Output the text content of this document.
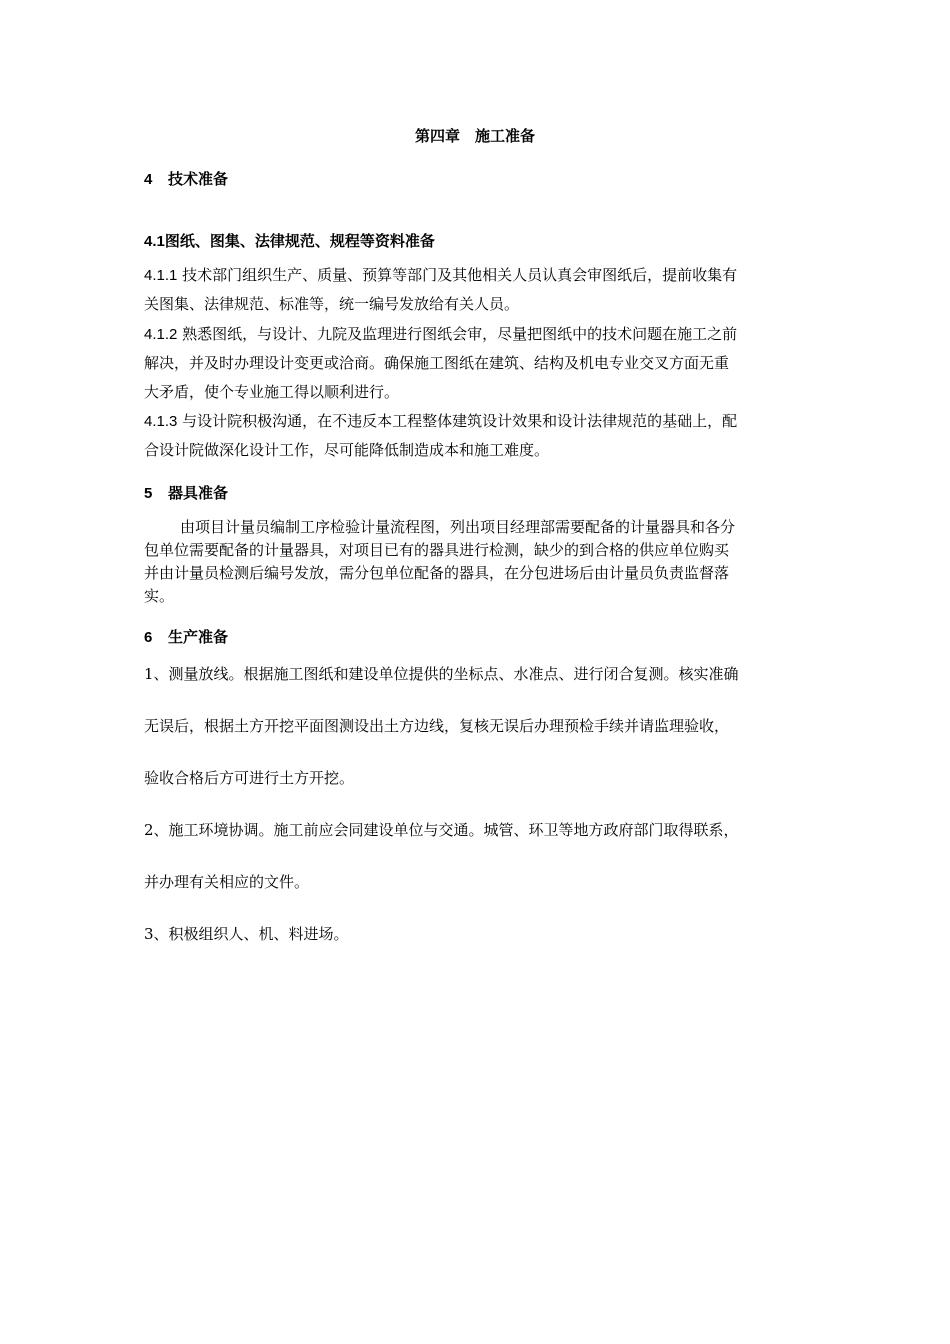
第四章　施工准备
4 技术准备
4.1图纸、图集、法律规范、规程等资料准备
4.1.1 技术部门组织生产、质量、预算等部门及其他相关人员认真会审图纸后，提前收集有
关图集、法律规范、标准等，统一编号发放给有关人员。
4.1.2 熟悉图纸，与设计、九院及监理进行图纸会审，尽量把图纸中的技术问题在施工之前
解决，并及时办理设计变更或洽商。确保施工图纸在建筑、结构及机电专业交叉方面无重
大矛盾，使个专业施工得以顺利进行。
4.1.3 与设计院积极沟通，在不违反本工程整体建筑设计效果和设计法律规范的基础上，配
合设计院做深化设计工作，尽可能降低制造成本和施工难度。
5 器具准备
由项目计量员编制工序检验计量流程图，列出项目经理部需要配备的计量器具和各分
包单位需要配备的计量器具，对项目已有的器具进行检测，缺少的到合格的供应单位购买
并由计量员检测后编号发放，需分包单位配备的器具，在分包进场后由计量员负责监督落
实。
6 生产准备
1、测量放线。根据施工图纸和建设单位提供的坐标点、水准点、进行闭合复测。核实准确
无误后，根据土方开挖平面图测设出土方边线，复核无误后办理预检手续并请监理验收，
验收合格后方可进行土方开挖。
2、施工环境协调。施工前应会同建设单位与交通。城管、环卫等地方政府部门取得联系，
并办理有关相应的文件。
3、积极组织人、机、料进场。
